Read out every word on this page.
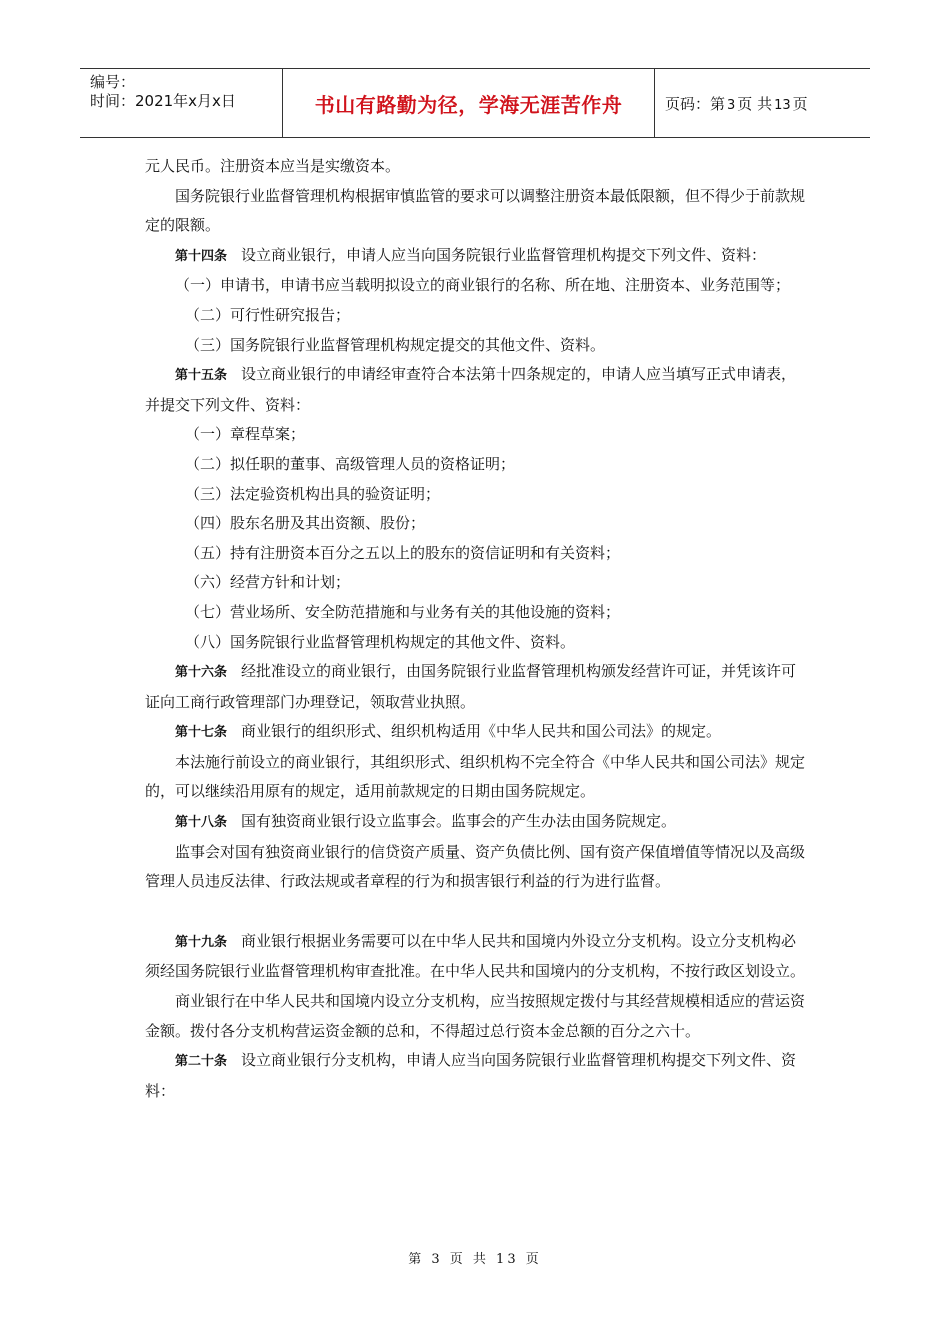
编号：
时间：2021年x月x日	书山有路勤为径，学海无涯苦作舟	页码：第 3 页 共 13 页

元人民币。注册资本应当是实缴资本。

国务院银行业监督管理机构根据审慎监管的要求可以调整注册资本最低限额，但不得少于前款规定的限额。

第十四条 设立商业银行，申请人应当向国务院银行业监督管理机构提交下列文件、资料：

（一）申请书，申请书应当载明拟设立的商业银行的名称、所在地、注册资本、业务范围等；

（二）可行性研究报告；

（三）国务院银行业监督管理机构规定提交的其他文件、资料。

第十五条 设立商业银行的申请经审查符合本法第十四条规定的，申请人应当填写正式申请表，并提交下列文件、资料：

（一）章程草案；

（二）拟任职的董事、高级管理人员的资格证明；

（三）法定验资机构出具的验资证明；

（四）股东名册及其出资额、股份；

（五）持有注册资本百分之五以上的股东的资信证明和有关资料；

（六）经营方针和计划；

（七）营业场所、安全防范措施和与业务有关的其他设施的资料；

（八）国务院银行业监督管理机构规定的其他文件、资料。

第十六条 经批准设立的商业银行，由国务院银行业监督管理机构颁发经营许可证，并凭该许可证向工商行政管理部门办理登记，领取营业执照。

第十七条 商业银行的组织形式、组织机构适用《中华人民共和国公司法》的规定。

本法施行前设立的商业银行，其组织形式、组织机构不完全符合《中华人民共和国公司法》规定的，可以继续沿用原有的规定，适用前款规定的日期由国务院规定。

第十八条 国有独资商业银行设立监事会。监事会的产生办法由国务院规定。

监事会对国有独资商业银行的信贷资产质量、资产负债比例、国有资产保值增值等情况以及高级管理人员违反法律、行政法规或者章程的行为和损害银行利益的行为进行监督。

第十九条 商业银行根据业务需要可以在中华人民共和国境内外设立分支机构。设立分支机构必须经国务院银行业监督管理机构审查批准。在中华人民共和国境内的分支机构，不按行政区划设立。

商业银行在中华人民共和国境内设立分支机构，应当按照规定拨付与其经营规模相适应的营运资金额。拨付各分支机构营运资金额的总和，不得超过总行资本金总额的百分之六十。

第二十条 设立商业银行分支机构，申请人应当向国务院银行业监督管理机构提交下列文件、资料：

第 3 页 共 13 页
